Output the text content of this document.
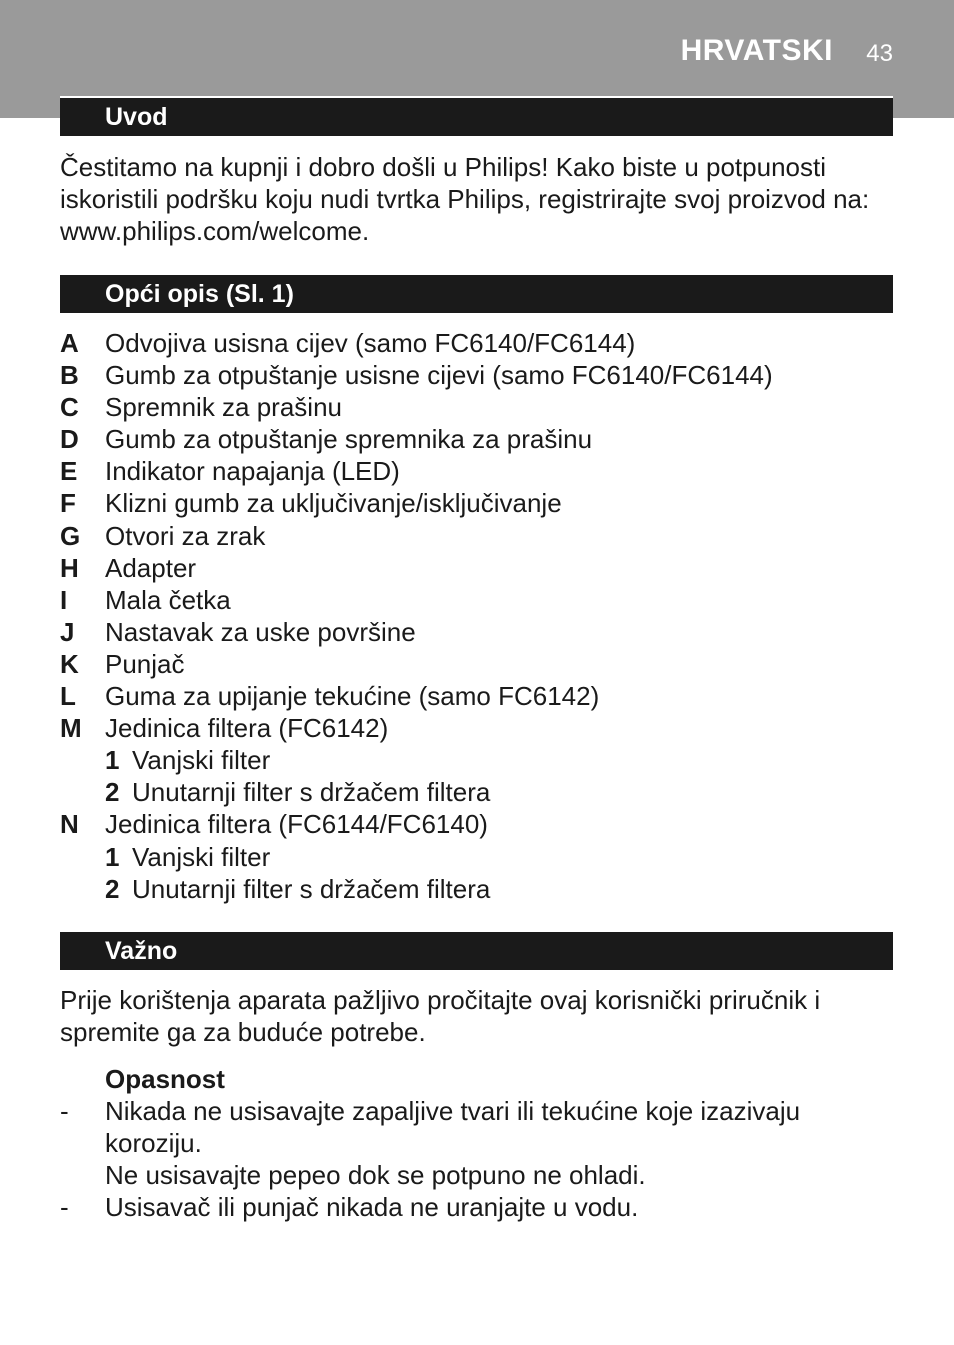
HRVATSKI 43
Uvod
Čestitamo na kupnji i dobro došli u Philips! Kako biste u potpunosti
iskoristili podršku koju nudi tvrtka Philips, registrirajte svoj proizvod na:
www.philips.com/welcome.
Opći opis (Sl. 1)
A Odvojiva usisna cijev (samo FC6140/FC6144)
B Gumb za otpuštanje usisne cijevi (samo FC6140/FC6144)
C Spremnik za prašinu
D Gumb za otpuštanje spremnika za prašinu
E Indikator napajanja (LED)
F Klizni gumb za uključivanje/isključivanje
G Otvori za zrak
H Adapter
I Mala četka
J Nastavak za uske površine
K Punjač
L Guma za upijanje tekućine (samo FC6142)
M Jedinica filtera (FC6142)
1 Vanjski filter
2 Unutarnji filter s držačem filtera
N Jedinica filtera (FC6144/FC6140)
1 Vanjski filter
2 Unutarnji filter s držačem filtera
Važno
Prije korištenja aparata pažljivo pročitajte ovaj korisnički priručnik i
spremite ga za buduće potrebe.
Opasnost
- Nikada ne usisavajte zapaljive tvari ili tekućine koje izazivaju koroziju.
Ne usisavajte pepeo dok se potpuno ne ohladi.
- Usisavač ili punjač nikada ne uranjajte u vodu.
